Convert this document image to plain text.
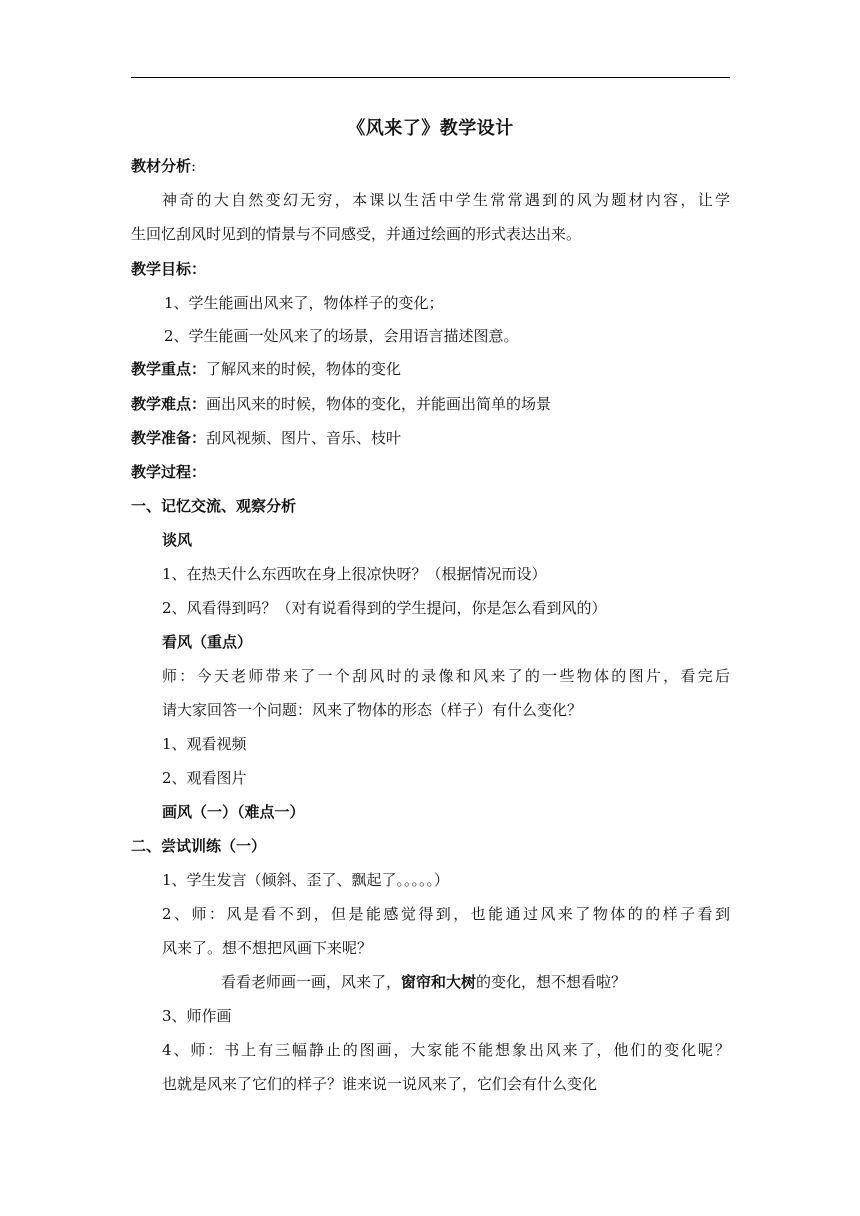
《风来了》教学设计
教材分析:
神奇的大自然变幻无穷，本课以生活中学生常常遇到的风为题材内容，让学
生回忆刮风时见到的情景与不同感受，并通过绘画的形式表达出来。
教学目标：
1、学生能画出风来了，物体样子的变化；
2、学生能画一处风来了的场景，会用语言描述图意。
教学重点：了解风来的时候，物体的变化
教学难点：画出风来的时候，物体的变化，并能画出简单的场景
教学准备：刮风视频、图片、音乐、枝叶
教学过程：
一、记忆交流、观察分析
谈风
1、在热天什么东西吹在身上很凉快呀？（根据情况而设）
2、风看得到吗？（对有说看得到的学生提问，你是怎么看到风的）
看风（重点）
师：今天老师带来了一个刮风时的录像和风来了的一些物体的图片，看完后
请大家回答一个问题：风来了物体的形态（样子）有什么变化？
1、观看视频
2、观看图片
画风（一）（难点一）
二、尝试训练（一）
1、学生发言（倾斜、歪了、飘起了。。。。。）
2、师：风是看不到，但是能感觉得到，也能通过风来了物体的的样子看到
风来了。想不想把风画下来呢？
看看老师画一画，风来了，窗帘和大树的变化，想不想看啦？
3、师作画
4、师：书上有三幅静止的图画，大家能不能想象出风来了，他们的变化呢？
也就是风来了它们的样子？谁来说一说风来了，它们会有什么变化
